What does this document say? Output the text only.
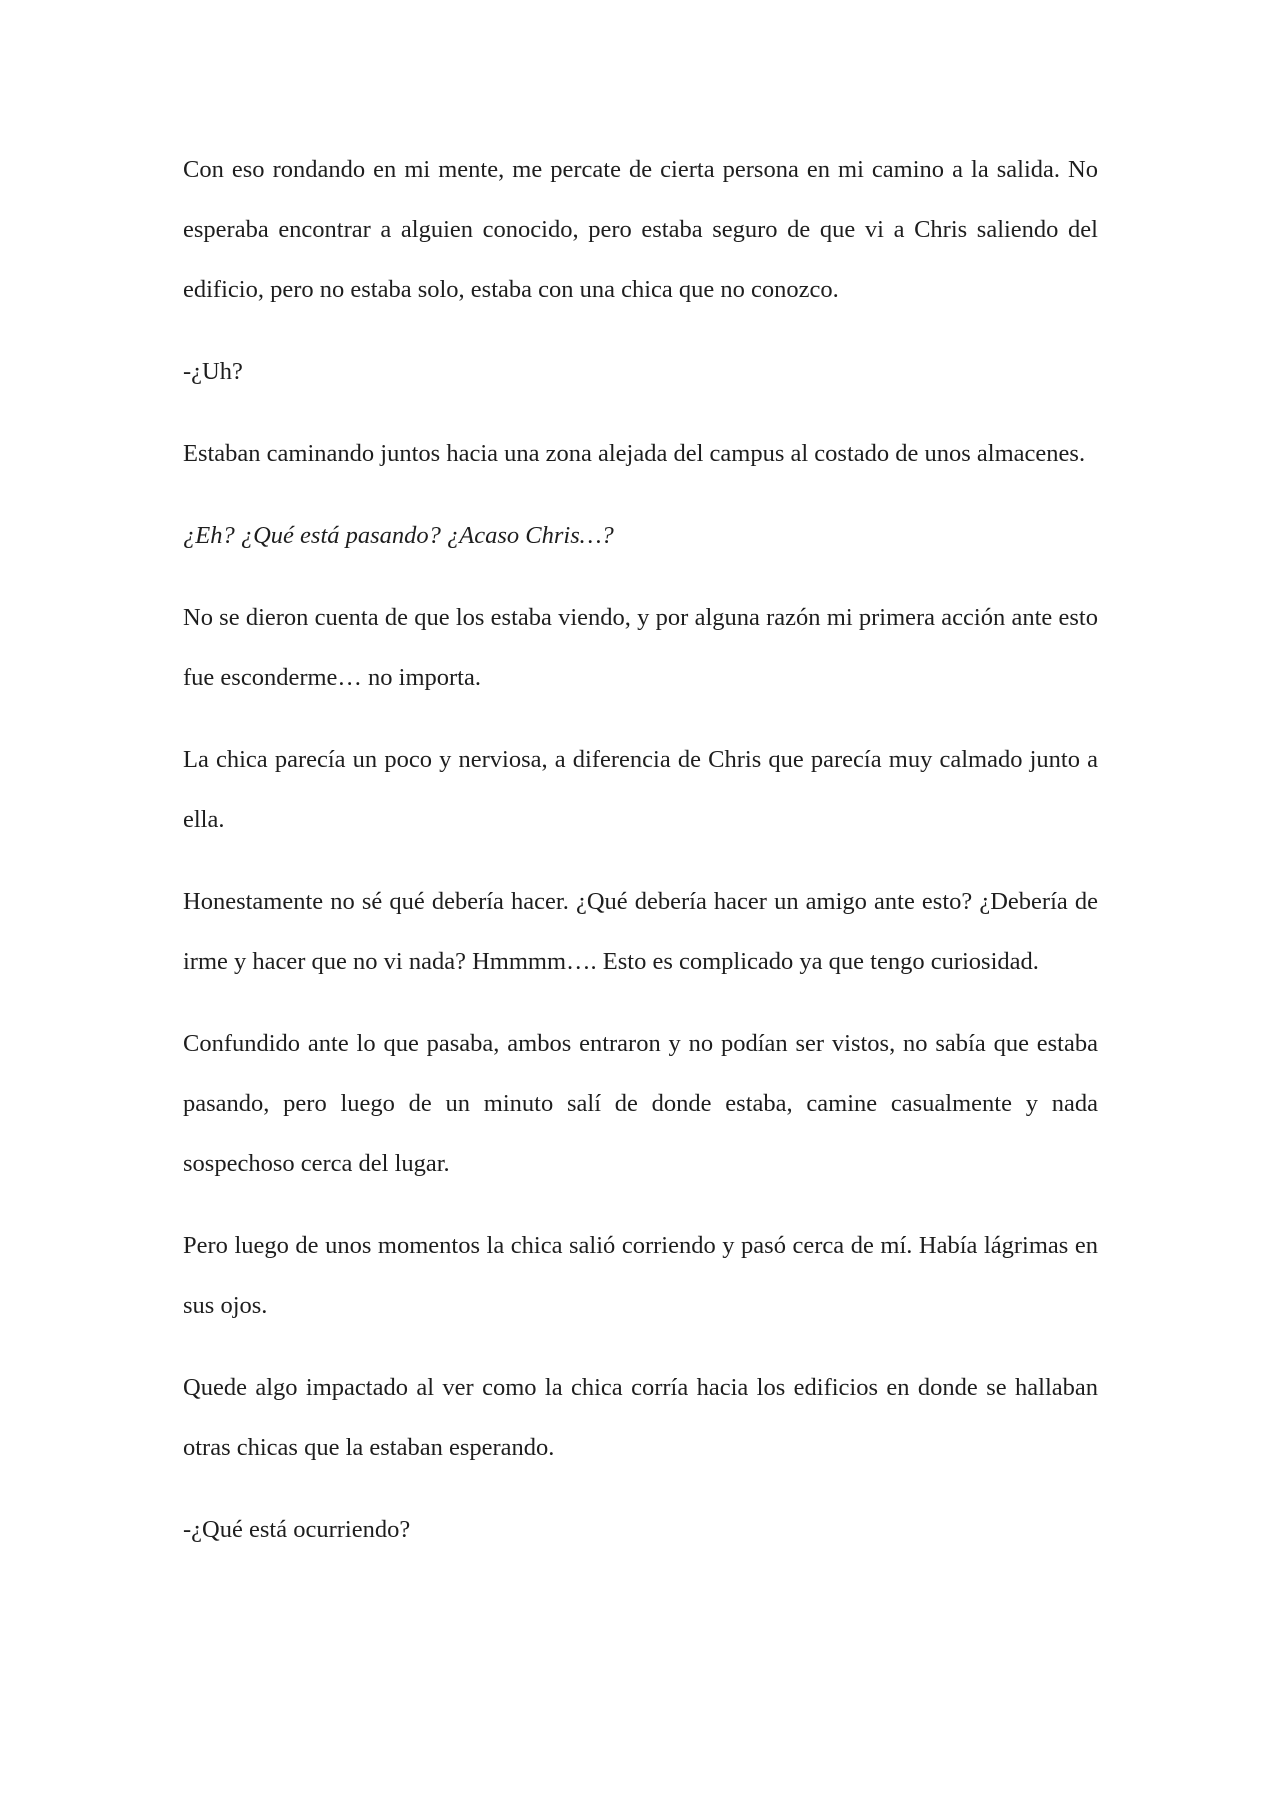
Con eso rondando en mi mente, me percate de cierta persona en mi camino a la salida. No esperaba encontrar a alguien conocido, pero estaba seguro de que vi a Chris saliendo del edificio, pero no estaba solo, estaba con una chica que no conozco.

-¿Uh?

Estaban caminando juntos hacia una zona alejada del campus al costado de unos almacenes.

¿Eh? ¿Qué está pasando? ¿Acaso Chris…?

No se dieron cuenta de que los estaba viendo, y por alguna razón mi primera acción ante esto fue esconderme… no importa.

La chica parecía un poco y nerviosa, a diferencia de Chris que parecía muy calmado junto a ella.

Honestamente no sé qué debería hacer. ¿Qué debería hacer un amigo ante esto? ¿Debería de irme y hacer que no vi nada? Hmmmm…. Esto es complicado ya que tengo curiosidad.

Confundido ante lo que pasaba, ambos entraron y no podían ser vistos, no sabía que estaba pasando, pero luego de un minuto salí de donde estaba, camine casualmente y nada sospechoso cerca del lugar.

Pero luego de unos momentos la chica salió corriendo y pasó cerca de mí. Había lágrimas en sus ojos.

Quede algo impactado al ver como la chica corría hacia los edificios en donde se hallaban otras chicas que la estaban esperando.

-¿Qué está ocurriendo?
